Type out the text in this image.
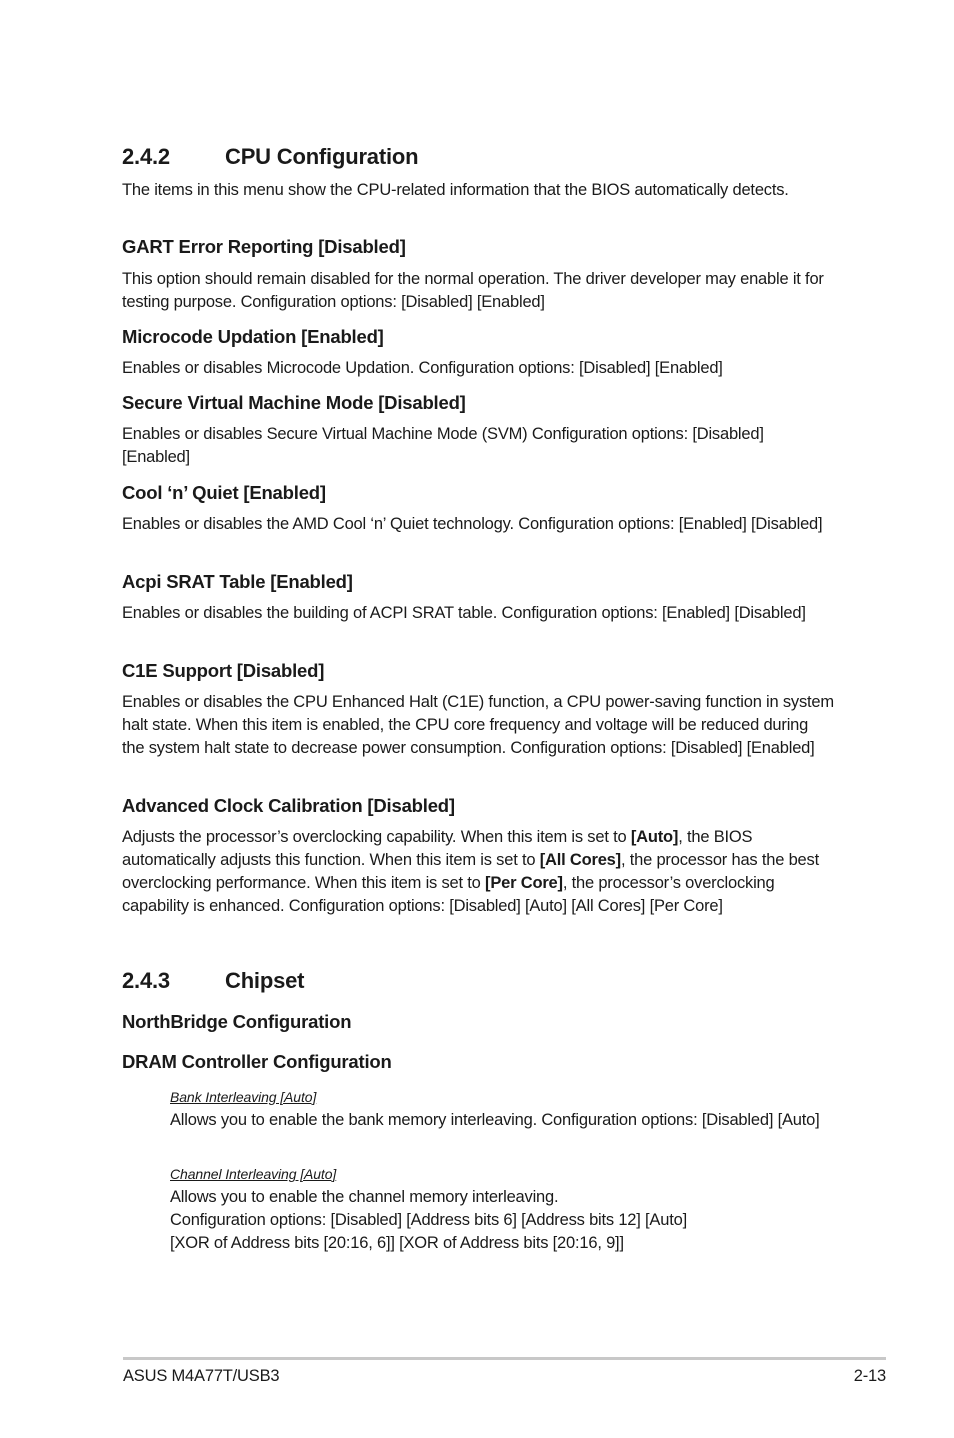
2.4.2	CPU Configuration
The items in this menu show the CPU-related information that the BIOS automatically detects.
GART Error Reporting [Disabled]
This option should remain disabled for the normal operation. The driver developer may enable it for testing purpose. Configuration options: [Disabled] [Enabled]
Microcode Updation [Enabled]
Enables or disables Microcode Updation. Configuration options: [Disabled] [Enabled]
Secure Virtual Machine Mode [Disabled]
Enables or disables Secure Virtual Machine Mode (SVM) Configuration options: [Disabled] [Enabled]
Cool ‘n’ Quiet [Enabled]
Enables or disables the AMD Cool ‘n’ Quiet technology. Configuration options: [Enabled] [Disabled]
Acpi SRAT Table [Enabled]
Enables or disables the building of ACPI SRAT table. Configuration options: [Enabled] [Disabled]
C1E Support [Disabled]
Enables or disables the CPU Enhanced Halt (C1E) function, a CPU power-saving function in system halt state. When this item is enabled, the CPU core frequency and voltage will be reduced during the system halt state to decrease power consumption. Configuration options: [Disabled] [Enabled]
Advanced Clock Calibration [Disabled]
Adjusts the processor’s overclocking capability. When this item is set to [Auto], the BIOS automatically adjusts this function. When this item is set to [All Cores], the processor has the best overclocking performance. When this item is set to [Per Core], the processor’s overclocking capability is enhanced. Configuration options: [Disabled] [Auto] [All Cores] [Per Core]
2.4.3	Chipset
NorthBridge Configuration
DRAM Controller Configuration
Bank Interleaving [Auto]
Allows you to enable the bank memory interleaving. Configuration options: [Disabled] [Auto]
Channel Interleaving [Auto]
Allows you to enable the channel memory interleaving.
Configuration options: [Disabled] [Address bits 6] [Address bits 12] [Auto]
[XOR of Address bits [20:16, 6]] [XOR of Address bits [20:16, 9]]
ASUS M4A77T/USB3	2-13
